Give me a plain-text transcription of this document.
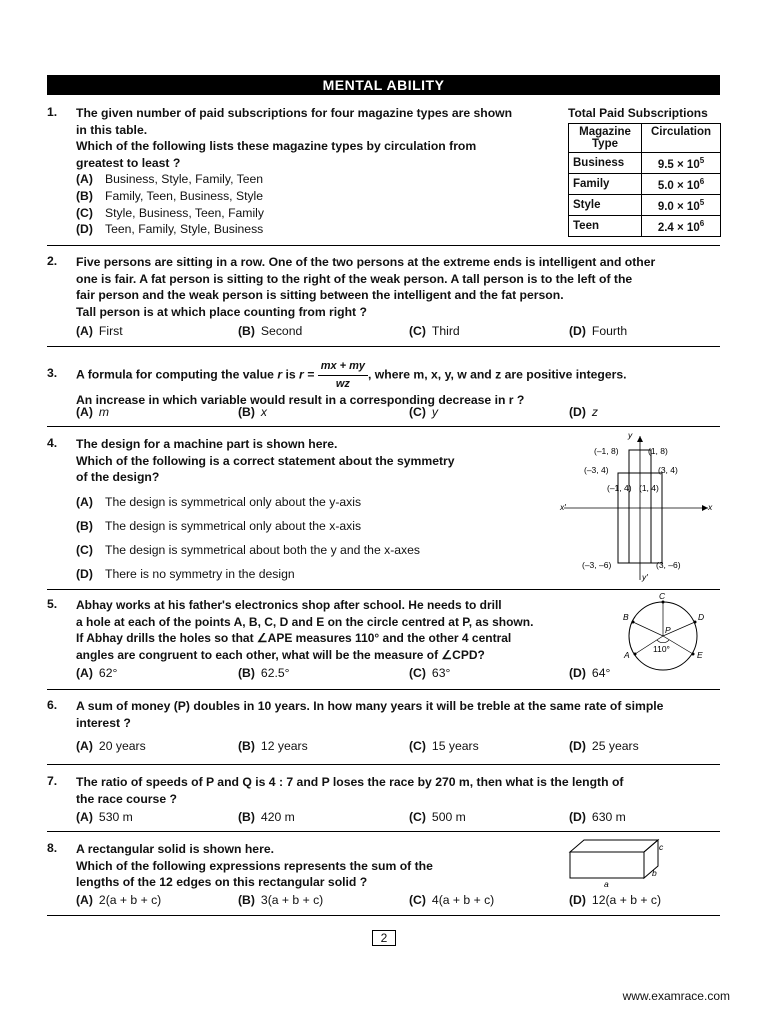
MENTAL ABILITY
1. The given number of paid subscriptions for four magazine types are shown
in this table.
Which of the following lists these magazine types by circulation from
greatest to least ?
(A) Business, Style, Family, Teen
(B) Family, Teen, Business, Style
(C) Style, Business, Teen, Family
(D) Teen, Family, Style, Business
Total Paid Subscriptions
Magazine Type	Circulation
Business	$9.5 \times 10^5$
Family	$5.0 \times 10^6$
Style	$9.0 \times 10^5$
Teen	$2.4 \times 10^6$
2. Five persons are sitting in a row. One of the two persons at the extreme ends is intelligent and other
one is fair. A fat person is sitting to the right of the weak person. A tall person is to the left of the
fair person and the weak person is sitting between the intelligent and the fat person.
Tall person is at which place counting from right ?
(A) First	(B) Second	(C) Third	(D) Fourth
3. A formula for computing the value r is $r = \frac{mx + my}{wz}$ , where m, x, y, w and z are positive integers.
An increase in which variable would result in a corresponding decrease in r ?
(A) m	(B) x	(C) y	(D) z
4. The design for a machine part is shown here.
Which of the following is a correct statement about the symmetry
of the design?
(A) The design is symmetrical only about the y-axis
(B) The design is symmetrical only about the x-axis
(C) The design is symmetrical about both the y and the x-axes
(D) There is no symmetry in the design
(–1, 8)	(1, 8)
(–3, 4)	(3, 4)
(–1, 4) (1, 4)
(–3, –6)	(3, –6)
x′	x
y
y′
5. Abhay works at his father's electronics shop after school. He needs to drill
a hole at each of the points A, B, C, D and E on the circle centred at P, as shown.
If Abhay drills the holes so that ∠APE measures 110° and the other 4 central
angles are congruent to each other, what will be the measure of ∠CPD?
(A) 62°	(B) 62.5°	(C) 63°	(D) 64°
C
B	D
P
A	E
110°
6. A sum of money (P) doubles in 10 years. In how many years it will be treble at the same rate of simple
interest ?
(A) 20 years	(B) 12 years	(C) 15 years	(D) 25 years
7. The ratio of speeds of P and Q is 4 : 7 and P loses the race by 270 m, then what is the length of
the race course ?
(A) 530 m	(B) 420 m	(C) 500 m	(D) 630 m
8. A rectangular solid is shown here.
Which of the following expressions represents the sum of the
lengths of the 12 edges on this rectangular solid ?
(A) 2(a + b + c)	(B) 3(a + b + c)	(C) 4(a + b + c)	(D) 12(a + b + c)
c
b
a
2
www.examrace.com
